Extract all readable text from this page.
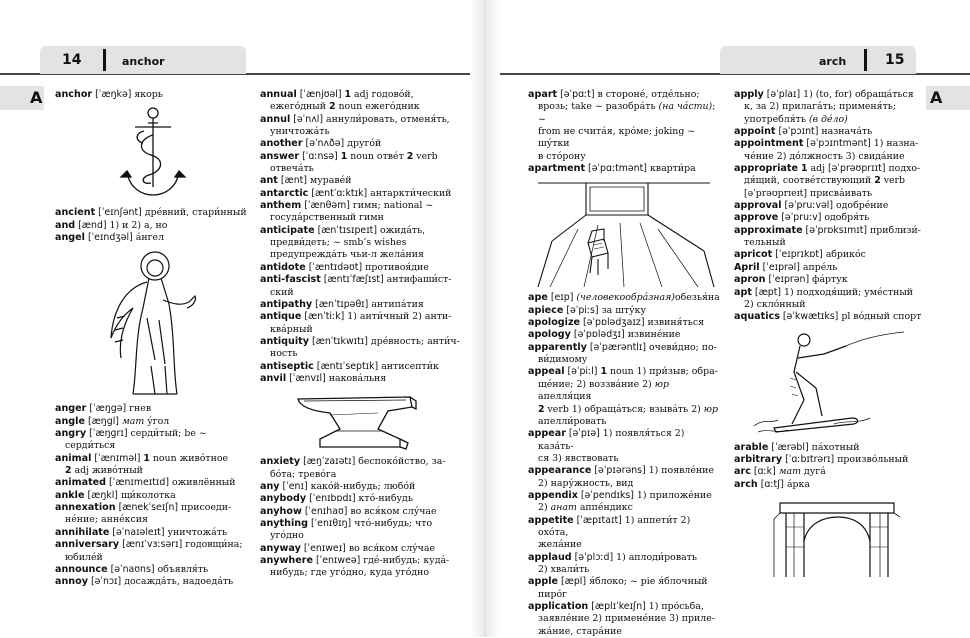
14	anchor
A
arch	15
A
anchor [ˈæŋkə] якорь
ancient [ˈeɪnʃənt] дре́вний, стари́нный
and [ænd] 1) и 2) а, но
angel [ˈeɪndʒəl] а́нгел
anger [ˈæŋgə] гнев
angle [æŋgl] мат у́гол
angry [ˈæŋgrɪ] серди́тый; be ~ серди́ться
animal [ˈænɪməl] 1 noun живо́тное
2 adj живо́тный
animated [ˈænɪmeɪtɪd] оживлённый
ankle [æŋkl] щи́колотка
annexation [ænekˈseɪʃn] присоеди-
не́ние; анне́ксия
annihilate [əˈnaɪəleɪt] уничтожа́ть
anniversary [ænɪˈvɜːsərɪ] годовщи́на;
юбиле́й
announce [əˈnaʊns] объявля́ть
annoy [əˈnɔɪ] досажда́ть, надоеда́ть
annual [ˈænjʊəl] 1 adj годово́й,
ежего́дный 2 noun ежего́дник
annul [əˈnʌl] аннули́ровать, отменя́ть,
уничтожа́ть
another [əˈnʌðə] друго́й
answer [ˈɑːnsə] 1 noun отве́т 2 verb
отвеча́ть
ant [ænt] мураве́й
antarctic [æntˈɑːktɪk] антаркти́ческий
anthem [ˈænθəm] гимн; national ~
госуда́рственный гимн
anticipate [ænˈtɪsɪpeɪt] ожида́ть,
предви́деть; ~ smb’s wishes
предупрежда́ть чьи-л жела́ния
antidote [ˈæntɪdəʊt] противоя́дие
anti-fascist [æntɪˈfæʃɪst] антифаши́ст-
ский
antipathy [ænˈtɪpəθɪ] антипа́тия
antique [ænˈtiːk] 1) анти́чный 2) анти-
ква́рный
antiquity [ænˈtɪkwɪtɪ] дре́вность; анти́ч-
ность
antiseptic [æntɪˈseptɪk] антисепти́к
anvil [ˈænvɪl] накова́льня
anxiety [æŋˈzaɪətɪ] беспоко́йство, за-
бо́та; трево́га
any [ˈenɪ] како́й-нибудь; любо́й
anybody [ˈenɪbɒdɪ] кто́-нибудь
anyhow [ˈenɪhaʊ] во вся́ком слу́чае
anything [ˈenɪθɪŋ] что́-нибудь; что
уго́дно
anyway [ˈenɪweɪ] во вся́ком слу́чае
anywhere [ˈenɪweə] где́-нибудь; куда́-
нибудь; где уго́дно, куда уго́дно
apart [əˈpɑːt] в стороне́, отде́льно;
врозь; take ~ разобра́ть (на ча́сти); ~
from не счита́я, кро́ме; joking ~ шу́тки
в сто́рону
apartment [əˈpɑːtmənt] кварти́ра
ape [eɪp] (человекообра́зная)обезья́на
apiece [əˈpiːs] за шту́ку
apologize [əˈpɒlədʒaɪz] извиня́ться
apology [əˈpɒlədʒɪ] извине́ние
apparently [əˈpærəntlɪ] очеви́дно; по-
ви́димому
appeal [əˈpiːl] 1 noun 1) при́зыв; обра-
ще́ние; 2) воззва́ние 2) юр апелля́ция
2 verb 1) обраща́ться; взыва́ть 2) юр
апелли́ровать
appear [əˈpɪə] 1) появля́ться 2) каза́ть-
ся 3) явствовать
appearance [əˈpɪərəns] 1) появле́ние
2) нару́жность, вид
appendix [əˈpendɪks] 1) приложе́ние
2) анат аппе́ндикс
appetite [ˈæpɪtaɪt] 1) аппети́т 2) охо́та,
жела́ние
applaud [əˈplɔːd] 1) аплоди́ровать
2) хвали́ть
apple [æpl] я́блоко; ~ pie я́блочный
пиро́г
application [æplɪˈkeɪʃn] 1) про́сьба,
заявле́ние 2) примене́ние 3) приле-
жа́ние, стара́ние
apply [əˈplaɪ] 1) (to, for) обраща́ться
к, за 2) прилага́ть; применя́ть;
употребля́ть (в де́ло)
appoint [əˈpɔɪnt] назнача́ть
appointment [əˈpɔɪntmənt] 1) назна-
че́ние 2) до́лжность 3) свида́ние
appropriate 1 adj [əˈprəʊprɪɪt] подхо-
дя́щий, соотве́тствующий 2 verb
[əˈprəʊprɪeɪt] присва́ивать
approval [əˈpruːvəl] одобре́ние
approve [əˈpruːv] одобря́ть
approximate [əˈprɒksɪmɪt] приблизи́-
тельный
apricot [ˈeɪprɪkɒt] абрико́с
April [ˈeɪprəl] апре́ль
apron [ˈeɪprən] фа́ртук
apt [æpt] 1) подходя́щий; уме́стный
2) скло́нный
aquatics [əˈkwætɪks] pl во́дный спорт
arable [ˈærəbl] па́хотный
arbitrary [ˈɑːbɪtrərɪ] произво́льный
arc [ɑːk] мат дуга́
arch [ɑːtʃ] а́рка
